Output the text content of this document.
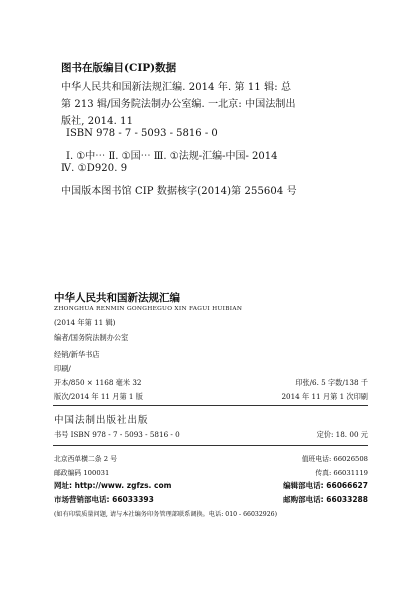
图书在版编目(CIP)数据
中华人民共和国新法规汇编. 2014 年. 第 11 辑: 总
第 213 辑/国务院法制办公室编. 一北京: 中国法制出
版社, 2014. 11
ISBN 978 - 7 - 5093 - 5816 - 0
Ⅰ. ①中⋯ Ⅱ. ①国⋯ Ⅲ. ①法规-汇编-中国- 2014
Ⅳ. ①D920. 9
中国版本图书馆 CIP 数据核字(2014)第 255604 号
中华人民共和国新法规汇编
ZHONGHUA RENMIN GONGHEGUO XIN FAGUI HUIBIAN
(2014 年第 11 辑)
编者/国务院法制办公室
经销/新华书店
印刷/
开本/850 × 1168 毫米 32	印张/6. 5 字数/138 千
版次/2014 年 11 月第 1 版	2014 年 11 月第 1 次印刷
中国法制出版社出版
书号 ISBN 978 - 7 - 5093 - 5816 - 0	定价: 18. 00 元
北京西单横二条 2 号	值班电话: 66026508
邮政编码 100031	传真: 66031119
网址: http://www. zgfzs. com	编辑部电话: 66066627
市场营销部电话: 66033393	邮购部电话: 66033288
(如有印装质量问题, 请与本社编务印务管理部联系调换。电话: 010 - 66032926)
